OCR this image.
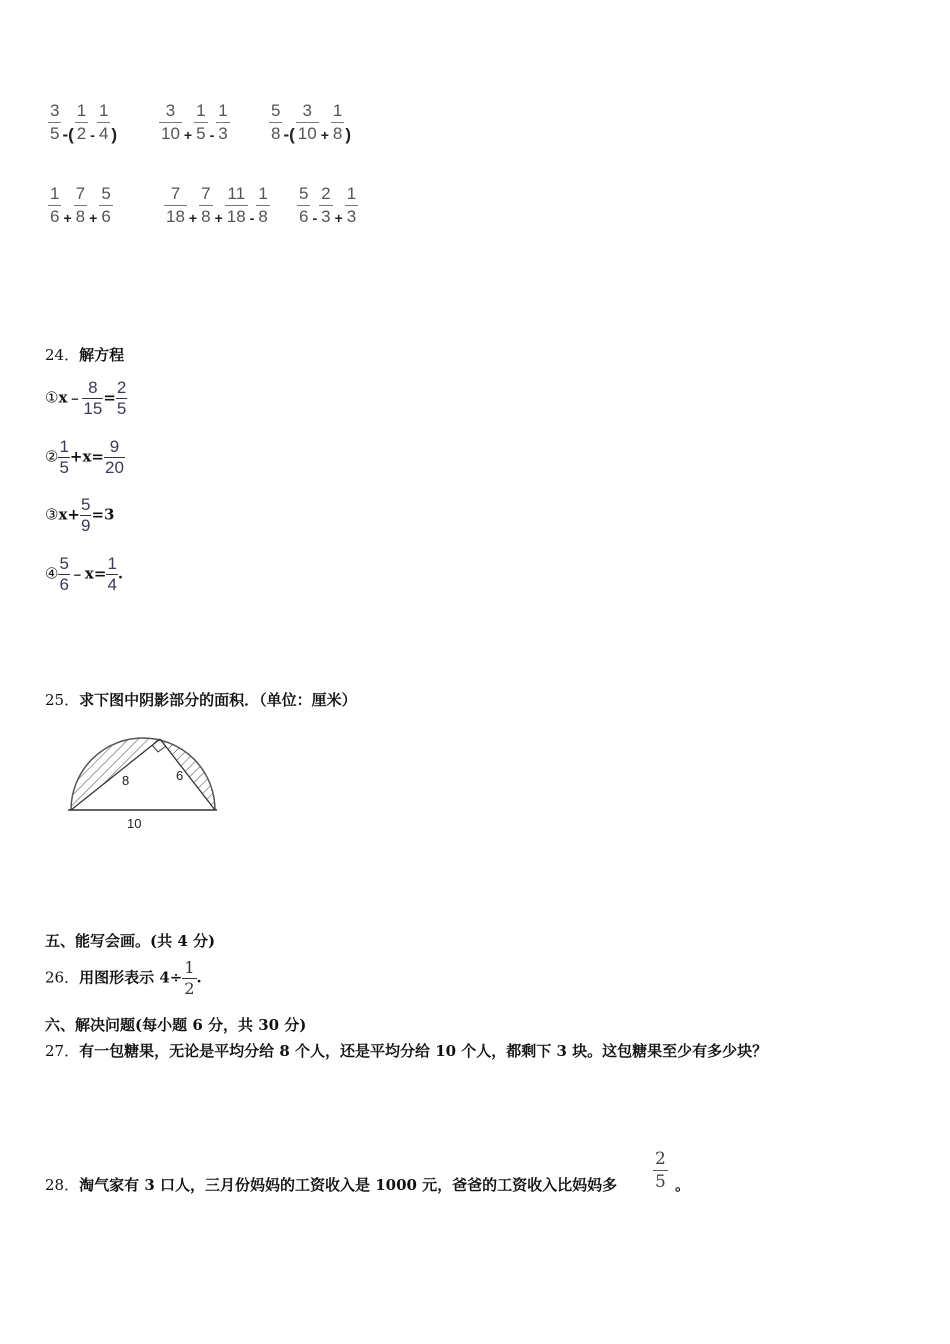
$\frac{3}{5}$ -( $\frac{1}{2} - \frac{1}{4}$ ) $\frac{3}{10} + \frac{1}{5} - \frac{1}{3} \frac{5}{8}$ -( $\frac{3}{10} + \frac{1}{8}$ )
$\frac{1}{6} + \frac{7}{8} + \frac{5}{6}$	$\frac{7}{18} + \frac{7}{8} + \frac{11}{18} - \frac{1}{8} \frac{5}{6} - \frac{2}{3} + \frac{1}{3}$
24．解方程
①x﹣ $\frac{8}{15} = \frac{2}{5}$
② $\frac{1}{5} +x= \frac{9}{20}$
③x+ $\frac{5}{9} =3$
④ $\frac{5}{6}$ ﹣x= $\frac{1}{4}$ .
25．求下图中阴影部分的面积．（单位：厘米）
8	6
10
五、能写会画。(共 4 分)
26．用图形表示 $4\div \frac{1}{2}$ .
六、解决问题(每小题 6 分，共 30 分)
27．有一包糖果，无论是平均分给 8 个人，还是平均分给 10 个人，都剩下 3 块。这包糖果至少有多少块？
28．淘气家有 3 口人，三月份妈妈的工资收入是 1000 元，爸爸的工资收入比妈妈多 $\frac{2}{5}$ 。
